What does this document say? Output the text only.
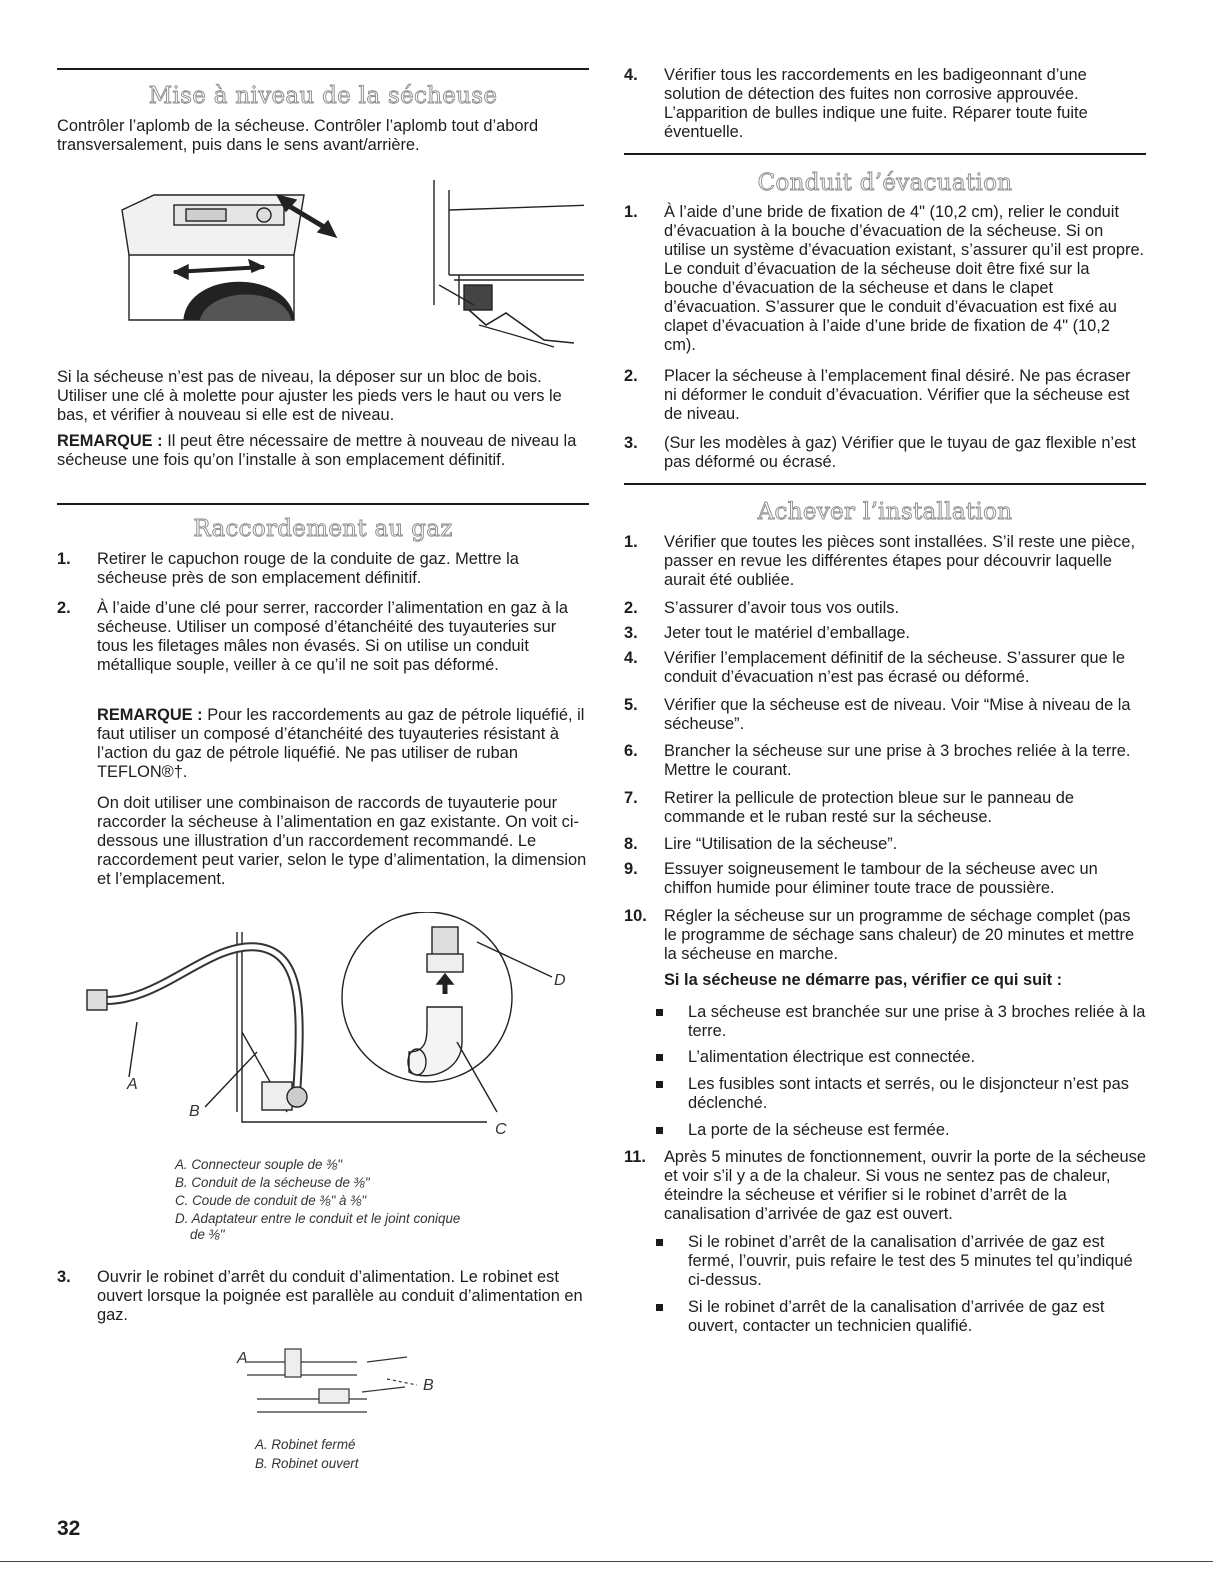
Mise à niveau de la sécheuse

Contrôler l’aplomb de la sécheuse. Contrôler l’aplomb tout d’abord transversalement, puis dans le sens avant/arrière.

Si la sécheuse n’est pas de niveau, la déposer sur un bloc de bois. Utiliser une clé à molette pour ajuster les pieds vers le haut ou vers le bas, et vérifier à nouveau si elle est de niveau.

REMARQUE : Il peut être nécessaire de mettre à nouveau de niveau la sécheuse une fois qu’on l’installe à son emplacement définitif.

Raccordement au gaz
1.	Retirer le capuchon rouge de la conduite de gaz. Mettre la sécheuse près de son emplacement définitif.
2.	À l’aide d’une clé pour serrer, raccorder l’alimentation en gaz à la sécheuse. Utiliser un composé d’étanchéité des tuyauteries sur tous les filetages mâles non évasés. Si on utilise un conduit métallique souple, veiller à ce qu’il ne soit pas déformé.
REMARQUE : Pour les raccordements au gaz de pétrole liquéfié, il faut utiliser un composé d’étanchéité des tuyauteries résistant à l’action du gaz de pétrole liquéfié. Ne pas utiliser de ruban TEFLON®†.
On doit utiliser une combinaison de raccords de tuyauterie pour raccorder la sécheuse à l’alimentation en gaz existante. On voit ci-dessous une illustration d’un raccordement recommandé. Le raccordement peut varier, selon le type d’alimentation, la dimension et l’emplacement.
A
B
C
D
A. Connecteur souple de ⅜"
B. Conduit de la sécheuse de ⅜"
C. Coude de conduit de ⅜" à ⅜"
D. Adaptateur entre le conduit et le joint conique
de ⅜"
3.	Ouvrir le robinet d’arrêt du conduit d’alimentation. Le robinet est ouvert lorsque la poignée est parallèle au conduit d’alimentation en gaz.
A
B
A. Robinet fermé
B. Robinet ouvert
4.	Vérifier tous les raccordements en les badigeonnant d’une solution de détection des fuites non corrosive approuvée. L’apparition de bulles indique une fuite. Réparer toute fuite éventuelle.
Conduit d’évacuation
1.	À l’aide d’une bride de fixation de 4" (10,2 cm), relier le conduit d’évacuation à la bouche d’évacuation de la sécheuse. Si on utilise un système d’évacuation existant, s’assurer qu’il est propre. Le conduit d’évacuation de la sécheuse doit être fixé sur la bouche d’évacuation de la sécheuse et dans le clapet d’évacuation. S’assurer que le conduit d’évacuation est fixé au clapet d’évacuation à l’aide d’une bride de fixation de 4" (10,2 cm).
2.	Placer la sécheuse à l’emplacement final désiré. Ne pas écraser ni déformer le conduit d’évacuation. Vérifier que la sécheuse est de niveau.
3.	(Sur les modèles à gaz) Vérifier que le tuyau de gaz flexible n’est pas déformé ou écrasé.
Achever l’installation
1.	Vérifier que toutes les pièces sont installées. S’il reste une pièce, passer en revue les différentes étapes pour découvrir laquelle aurait été oubliée.
2.	S’assurer d’avoir tous vos outils.
3.	Jeter tout le matériel d’emballage.
4.	Vérifier l’emplacement définitif de la sécheuse. S’assurer que le conduit d’évacuation n’est pas écrasé ou déformé.
5.	Vérifier que la sécheuse est de niveau. Voir “Mise à niveau de la sécheuse”.
6.	Brancher la sécheuse sur une prise à 3 broches reliée à la terre. Mettre le courant.
7.	Retirer la pellicule de protection bleue sur le panneau de commande et le ruban resté sur la sécheuse.
8.	Lire “Utilisation de la sécheuse”.
9.	Essuyer soigneusement le tambour de la sécheuse avec un chiffon humide pour éliminer toute trace de poussière.
10.	Régler la sécheuse sur un programme de séchage complet (pas le programme de séchage sans chaleur) de 20 minutes et mettre la sécheuse en marche.
Si la sécheuse ne démarre pas, vérifier ce qui suit :
La sécheuse est branchée sur une prise à 3 broches reliée à la terre.
L’alimentation électrique est connectée.
Les fusibles sont intacts et serrés, ou le disjoncteur n’est pas déclenché.
La porte de la sécheuse est fermée.
11.	Après 5 minutes de fonctionnement, ouvrir la porte de la sécheuse et voir s’il y a de la chaleur. Si vous ne sentez pas de chaleur, éteindre la sécheuse et vérifier si le robinet d’arrêt de la canalisation d’arrivée de gaz est ouvert.
Si le robinet d’arrêt de la canalisation d’arrivée de gaz est fermé, l’ouvrir, puis refaire le test des 5 minutes tel qu’indiqué ci-dessus.
Si le robinet d’arrêt de la canalisation d’arrivée de gaz est ouvert, contacter un technicien qualifié.
32
